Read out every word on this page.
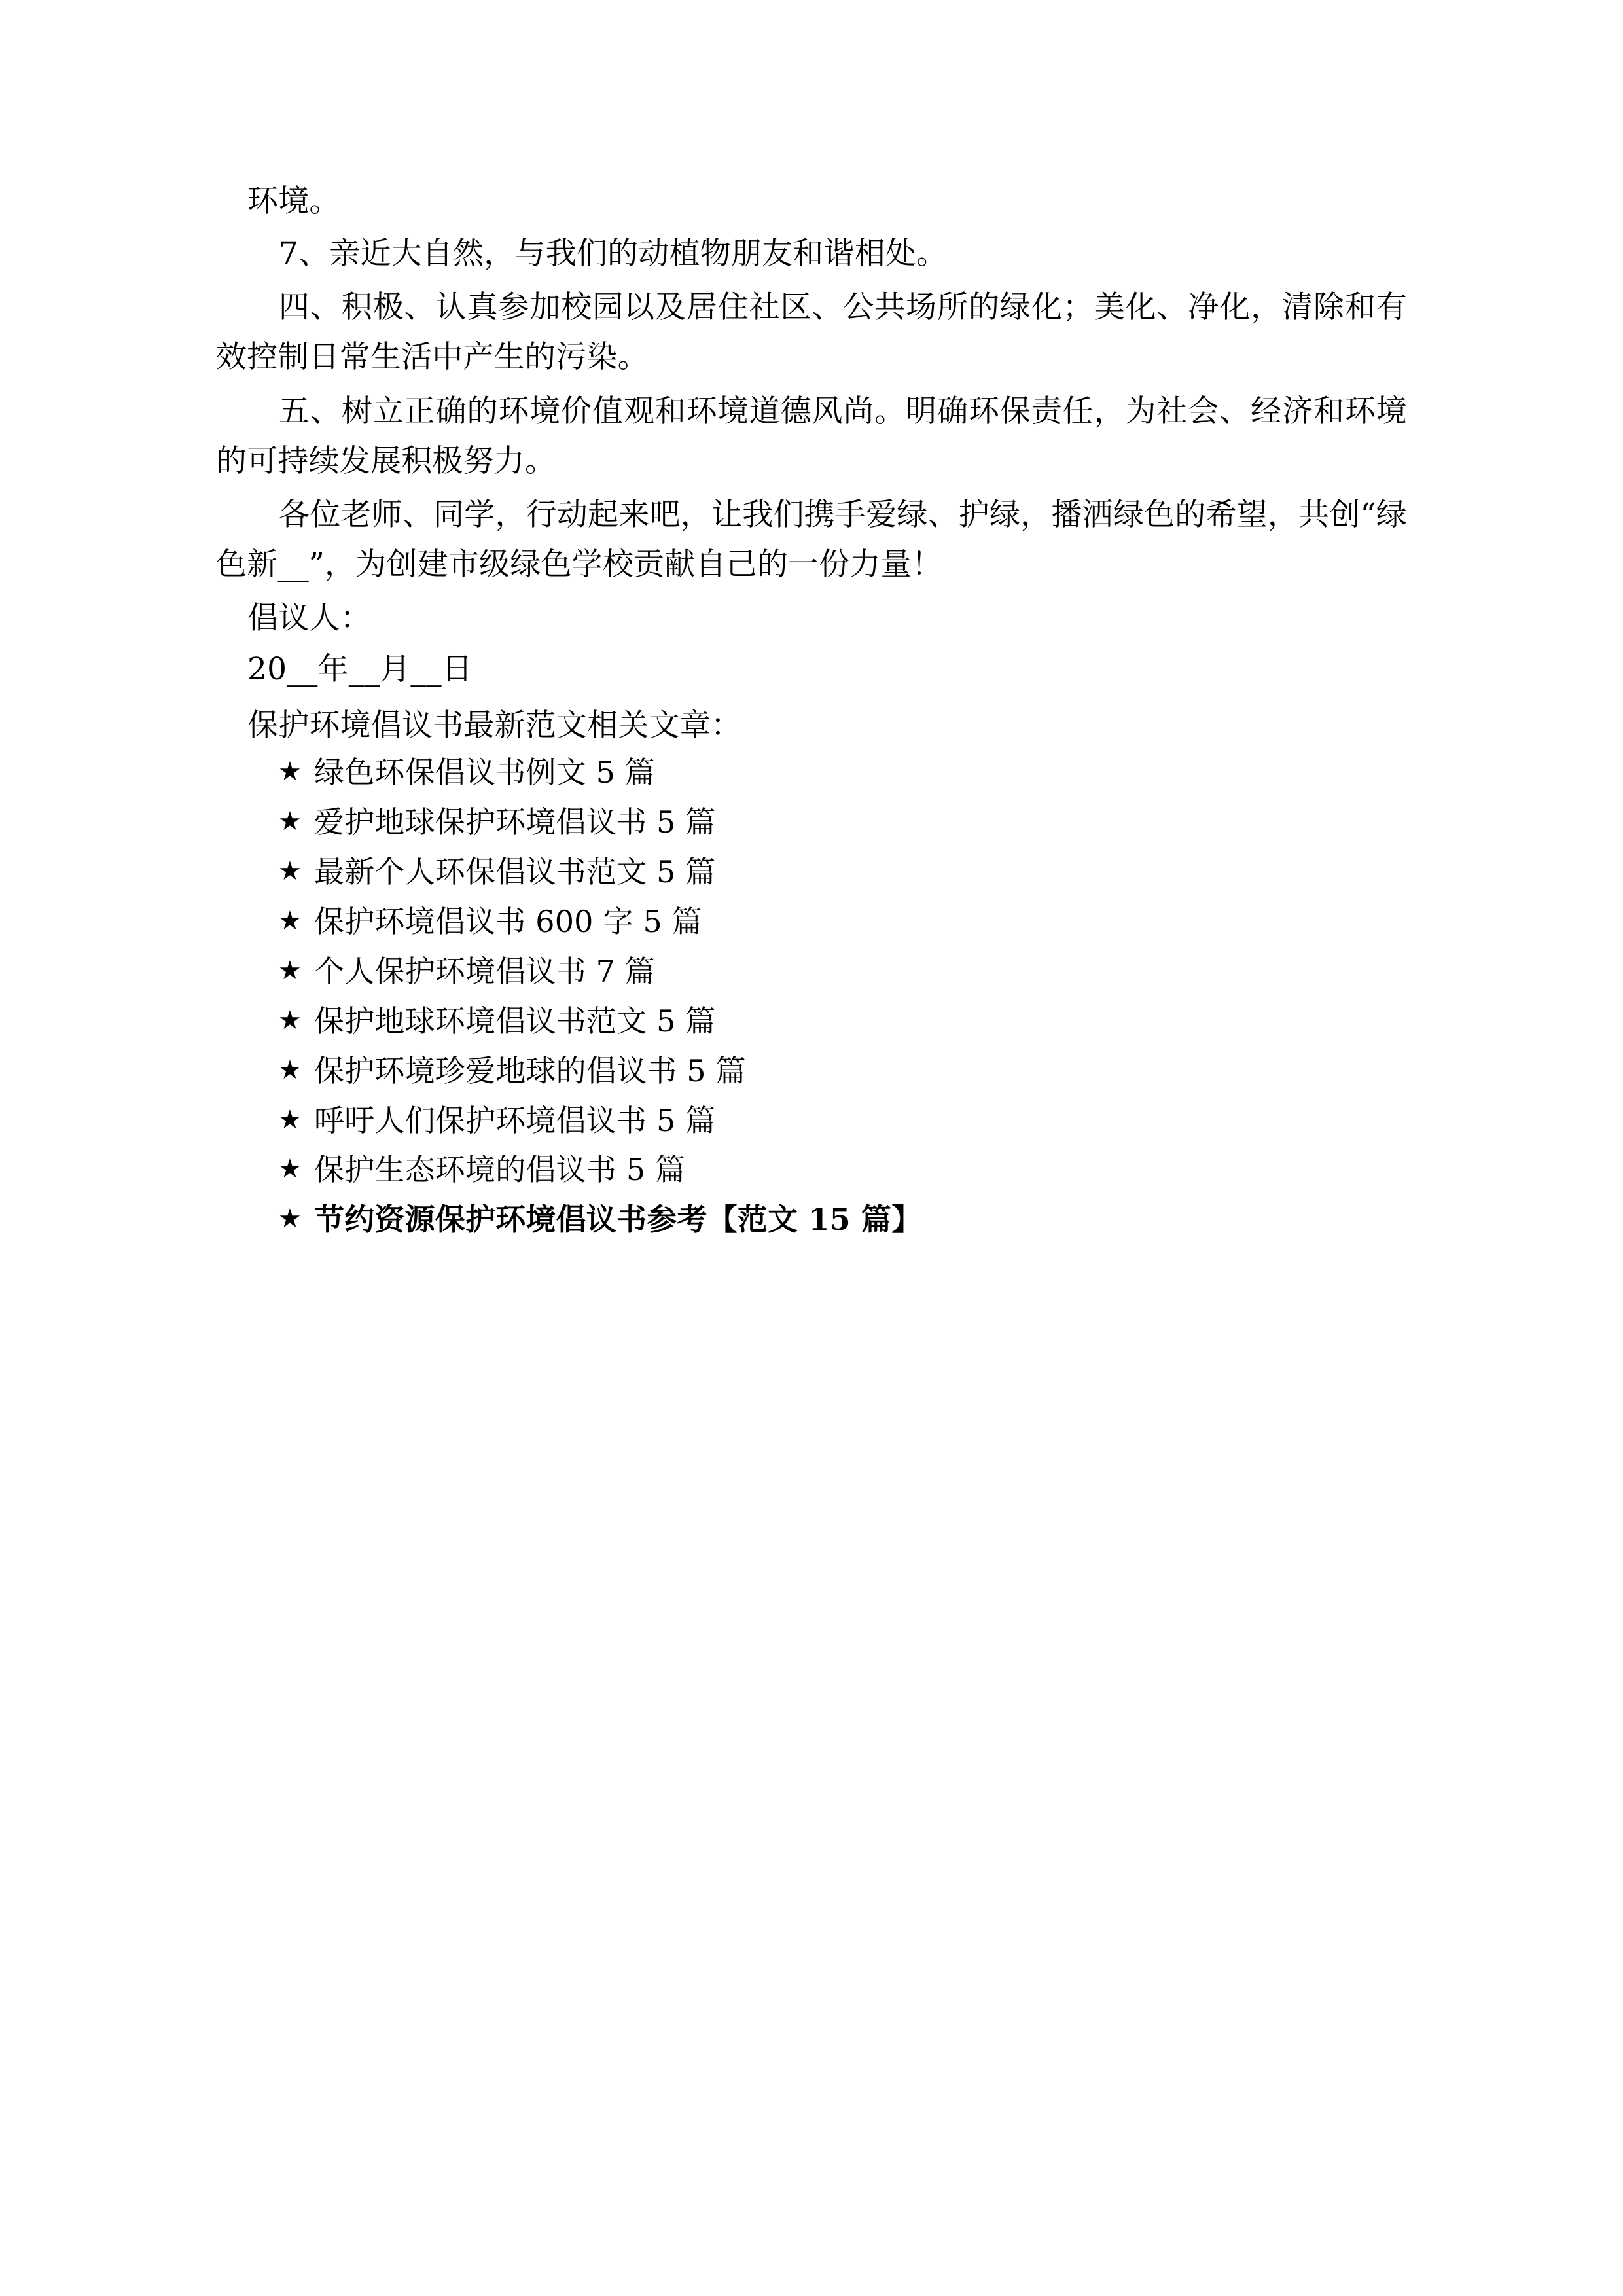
环境。

7、亲近大自然，与我们的动植物朋友和谐相处。

四、积极、认真参加校园以及居住社区、公共场所的绿化；美化、净化，清除和有效控制日常生活中产生的污染。

五、树立正确的环境价值观和环境道德风尚。明确环保责任，为社会、经济和环境的可持续发展积极努力。

各位老师、同学，行动起来吧，让我们携手爱绿、护绿，播洒绿色的希望，共创“绿色新__”，为创建市级绿色学校贡献自己的一份力量！

倡议人：

20__年__月__日

保护环境倡议书最新范文相关文章：

★ 绿色环保倡议书例文 5 篇
★ 爱护地球保护环境倡议书 5 篇
★ 最新个人环保倡议书范文 5 篇
★ 保护环境倡议书 600 字 5 篇
★ 个人保护环境倡议书 7 篇
★ 保护地球环境倡议书范文 5 篇
★ 保护环境珍爱地球的倡议书 5 篇
★ 呼吁人们保护环境倡议书 5 篇
★ 保护生态环境的倡议书 5 篇
★ 节约资源保护环境倡议书参考【范文 15 篇】
